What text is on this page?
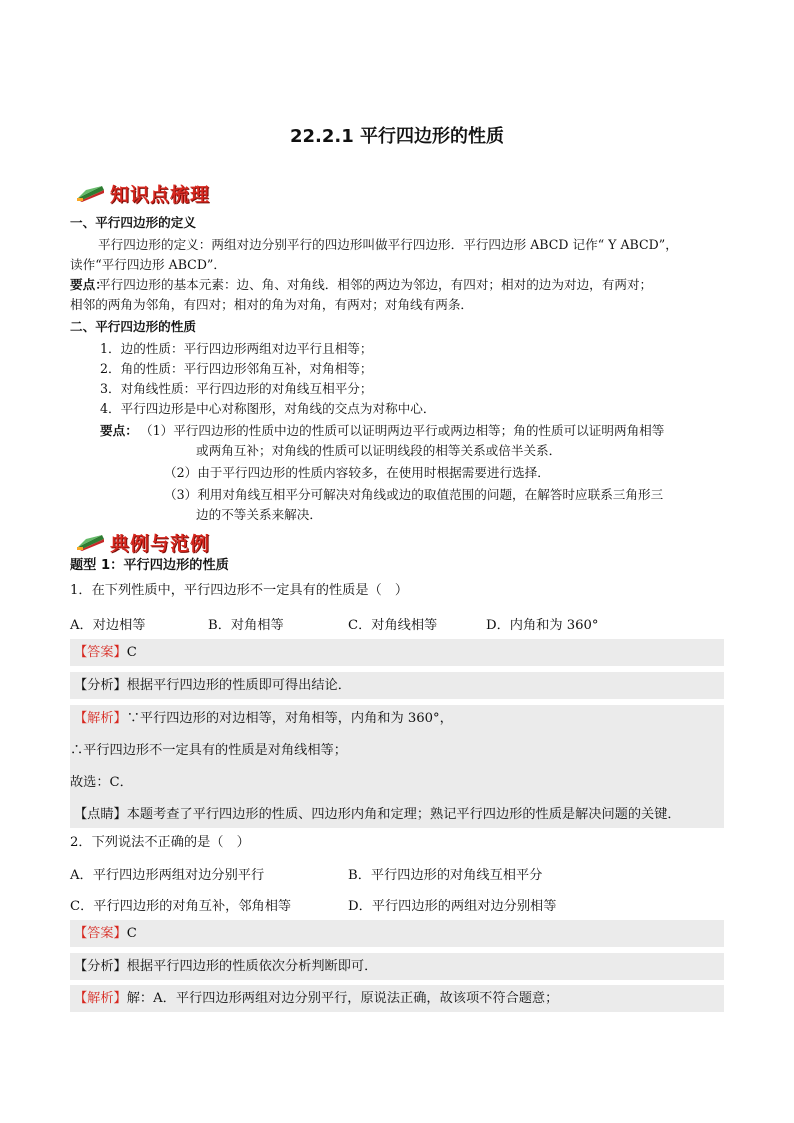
22.2.1 平行四边形的性质
知识点梳理
一、平行四边形的定义
平行四边形的定义：两组对边分别平行的四边形叫做平行四边形．平行四边形 ABCD 记作“ Y ABCD”，
读作“平行四边形 ABCD”．
平行四边形的基本元素：边、角、对角线．相邻的两边为邻边，有四对；相对的边为对边，有两对；
要点：
相邻的两角为邻角，有四对；相对的角为对角，有两对；对角线有两条．
二、平行四边形的性质
1．边的性质：平行四边形两组对边平行且相等；
2．角的性质：平行四边形邻角互补，对角相等；
3．对角线性质：平行四边形的对角线互相平分；
4．平行四边形是中心对称图形，对角线的交点为对称中心．
要点： （1）平行四边形的性质中边的性质可以证明两边平行或两边相等；角的性质可以证明两角相等
或两角互补；对角线的性质可以证明线段的相等关系或倍半关系．
（2）由于平行四边形的性质内容较多，在使用时根据需要进行选择．
（3）利用对角线互相平分可解决对角线或边的取值范围的问题，在解答时应联系三角形三
边的不等关系来解决．
典例与范例
题型 1：平行四边形的性质
1．在下列性质中，平行四边形不一定具有的性质是（　）
A．对边相等	B．对角相等	C．对角线相等	D．内角和为 360°
【答案】C
【分析】根据平行四边形的性质即可得出结论．
【解析】∵平行四边形的对边相等，对角相等，内角和为 360°，
∴平行四边形不一定具有的性质是对角线相等；
故选：C．
【点睛】本题考查了平行四边形的性质、四边形内角和定理；熟记平行四边形的性质是解决问题的关键．
2．下列说法不正确的是（　）
A．平行四边形两组对边分别平行	B．平行四边形的对角线互相平分
C．平行四边形的对角互补，邻角相等	D．平行四边形的两组对边分别相等
【答案】C
【分析】根据平行四边形的性质依次分析判断即可．
【解析】解：A．平行四边形两组对边分别平行，原说法正确，故该项不符合题意；
